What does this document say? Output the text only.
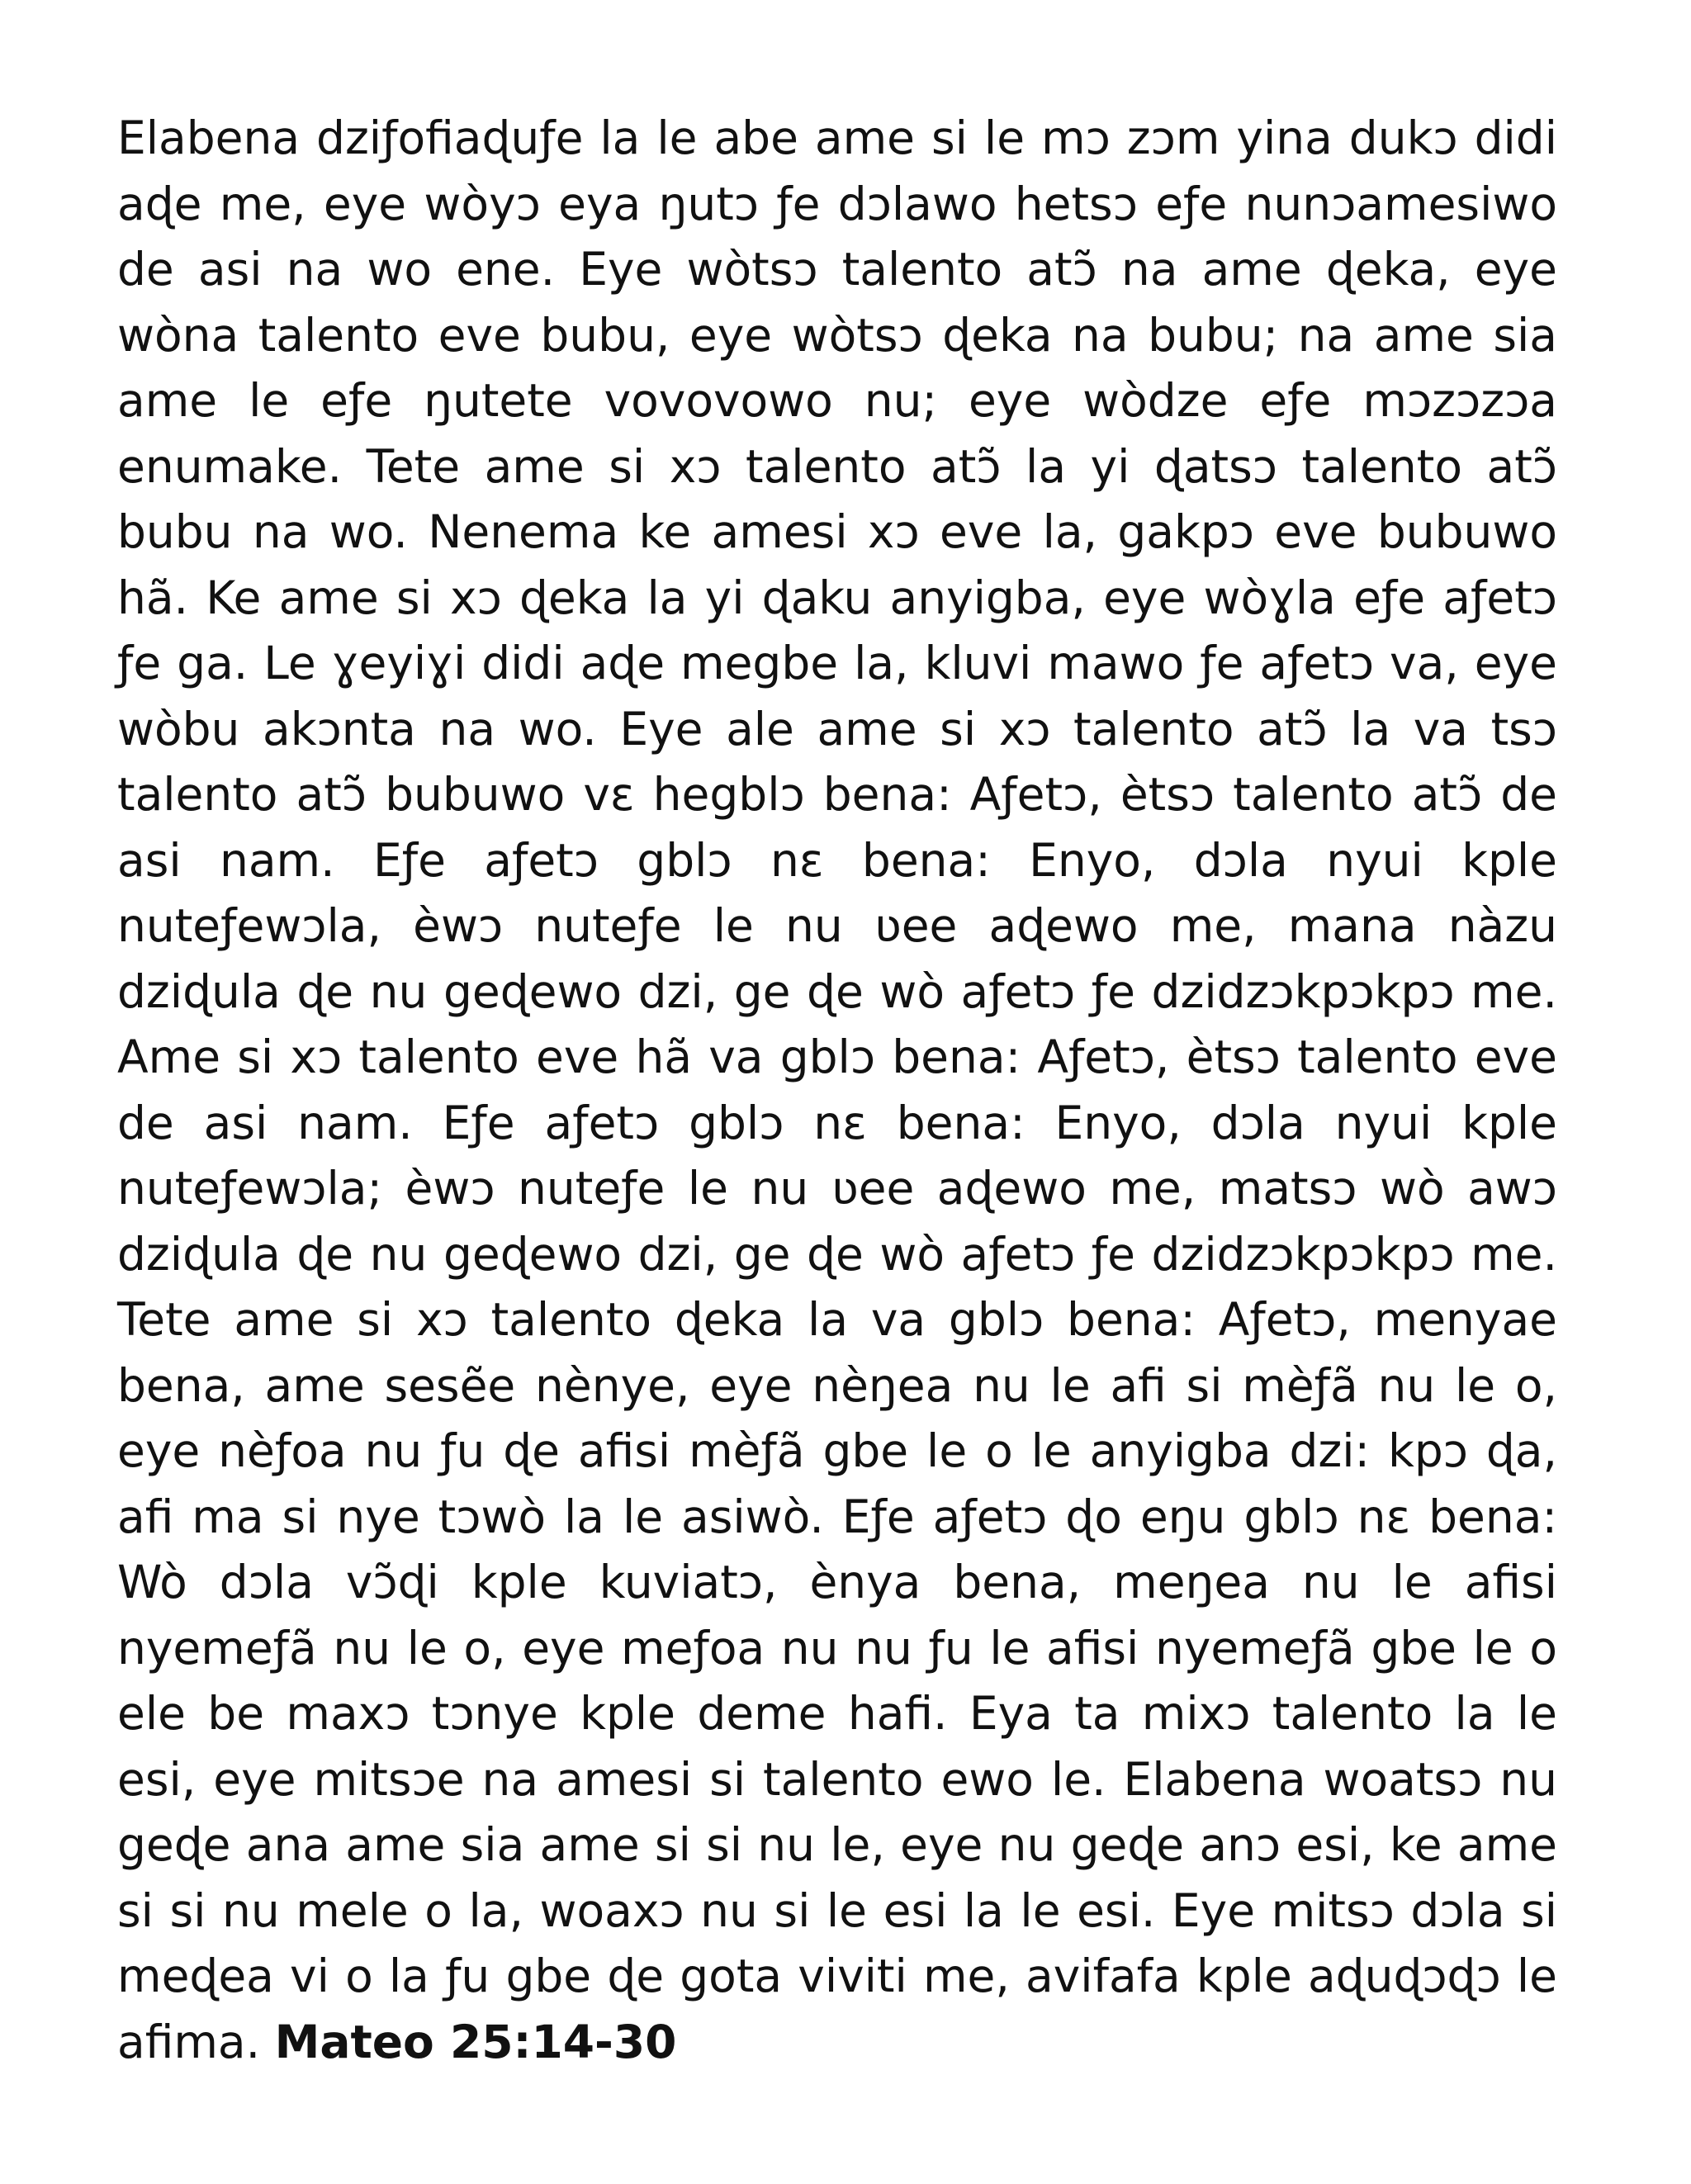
Elabena dziƒofiaɖuƒe la le abe ame si le mɔ zɔm yina dukɔ didi aɖe me, eye wòyɔ eya ŋutɔ ƒe dɔlawo hetsɔ eƒe nunɔamesiwo de asi na wo ene. Eye wòtsɔ talento atɔ̃ na ame ɖeka, eye wòna talento eve bubu, eye wòtsɔ ɖeka na bubu; na ame sia ame le eƒe ŋutete vovovowo nu; eye wòdze eƒe mɔzɔzɔa enumake. Tete ame si xɔ talento atɔ̃ la yi ɖatsɔ talento atɔ̃ bubu na wo. Nenema ke amesi xɔ eve la, gakpɔ eve bubuwo hã. Ke ame si xɔ ɖeka la yi ɖaku anyigba, eye wòɣla eƒe aƒetɔ ƒe ga. Le ɣeyiɣi didi aɖe megbe la, kluvi mawo ƒe aƒetɔ va, eye wòbu akɔnta na wo. Eye ale ame si xɔ talento atɔ̃ la va tsɔ talento atɔ̃ bubuwo vɛ hegblɔ bena: Aƒetɔ, ètsɔ talento atɔ̃ de asi nam. Eƒe aƒetɔ gblɔ nɛ bena: Enyo, dɔla nyui kple nuteƒewɔla, èwɔ nuteƒe le nu ʋee aɖewo me, mana nàzu dziɖula ɖe nu geɖewo dzi, ge ɖe wò aƒetɔ ƒe dzidzɔkpɔkpɔ me. Ame si xɔ talento eve hã va gblɔ bena: Aƒetɔ, ètsɔ talento eve de asi nam. Eƒe aƒetɔ gblɔ nɛ bena: Enyo, dɔla nyui kple nuteƒewɔla; èwɔ nuteƒe le nu ʋee aɖewo me, matsɔ wò awɔ dziɖula ɖe nu geɖewo dzi, ge ɖe wò aƒetɔ ƒe dzidzɔkpɔkpɔ me. Tete ame si xɔ talento ɖeka la va gblɔ bena: Aƒetɔ, menyae bena, ame sesẽe nènye, eye nèŋea nu le afi si mèƒã nu le o, eye nèƒoa nu ƒu ɖe afisi mèƒã gbe le o le anyigba dzi: kpɔ ɖa, afi ma si nye tɔwò la le asiwò. Eƒe aƒetɔ ɖo eŋu gblɔ nɛ bena: Wò dɔla vɔ̃ɖi kple kuviatɔ, ènya bena, meŋea nu le afisi nyemeƒã nu le o, eye meƒoa nu nu ƒu le afisi nyemeƒã gbe le o ele be maxɔ tɔnye kple deme hafi. Eya ta mixɔ talento la le esi, eye mitsɔe na amesi si talento ewo le. Elabena woatsɔ nu geɖe ana ame sia ame si si nu le, eye nu geɖe anɔ esi, ke ame si si nu mele o la, woaxɔ nu si le esi la le esi. Eye mitsɔ dɔla si meɖea vi o la ƒu gbe ɖe gota viviti me, avifafa kple aɖuɖɔɖɔ le afima. Mateo 25:14-30
